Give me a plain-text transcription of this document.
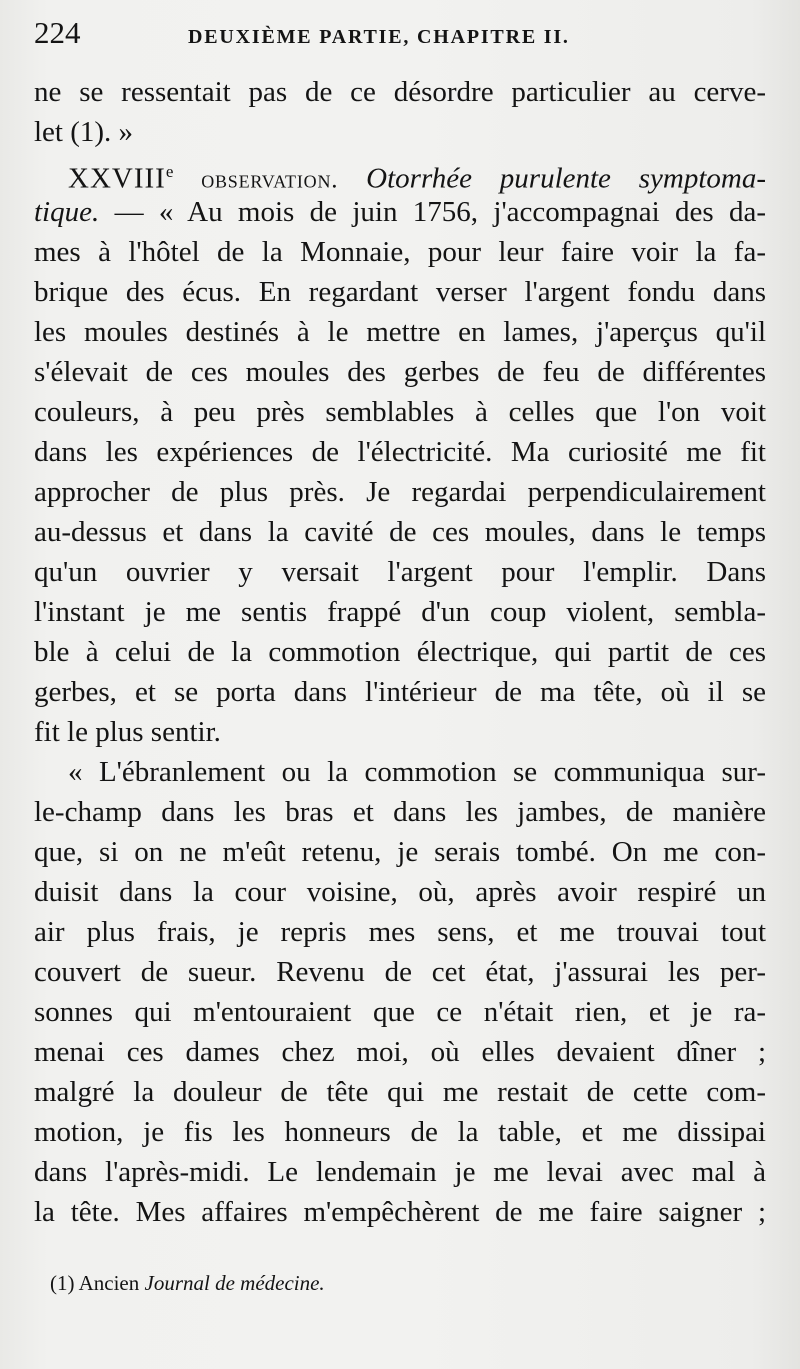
224	DEUXIÈME PARTIE, CHAPITRE II.
ne se ressentait pas de ce désordre particulier au cerve-
let (1). »
XXVIIIe observation. Otorrhée purulente symptoma-
tique. — « Au mois de juin 1756, j'accompagnai des da-
mes à l'hôtel de la Monnaie, pour leur faire voir la fa-
brique des écus. En regardant verser l'argent fondu dans
les moules destinés à le mettre en lames, j'aperçus qu'il
s'élevait de ces moules des gerbes de feu de différentes
couleurs, à peu près semblables à celles que l'on voit
dans les expériences de l'électricité. Ma curiosité me fit
approcher de plus près. Je regardai perpendiculairement
au-dessus et dans la cavité de ces moules, dans le temps
qu'un ouvrier y versait l'argent pour l'emplir. Dans
l'instant je me sentis frappé d'un coup violent, sembla-
ble à celui de la commotion électrique, qui partit de ces
gerbes, et se porta dans l'intérieur de ma tête, où il se
fit le plus sentir.
« L'ébranlement ou la commotion se communiqua sur-
le-champ dans les bras et dans les jambes, de manière
que, si on ne m'eût retenu, je serais tombé. On me con-
duisit dans la cour voisine, où, après avoir respiré un
air plus frais, je repris mes sens, et me trouvai tout
couvert de sueur. Revenu de cet état, j'assurai les per-
sonnes qui m'entouraient que ce n'était rien, et je ra-
menai ces dames chez moi, où elles devaient dîner ;
malgré la douleur de tête qui me restait de cette com-
motion, je fis les honneurs de la table, et me dissipai
dans l'après-midi. Le lendemain je me levai avec mal à
la tête. Mes affaires m'empêchèrent de me faire saigner ;
(1) Ancien Journal de médecine.
